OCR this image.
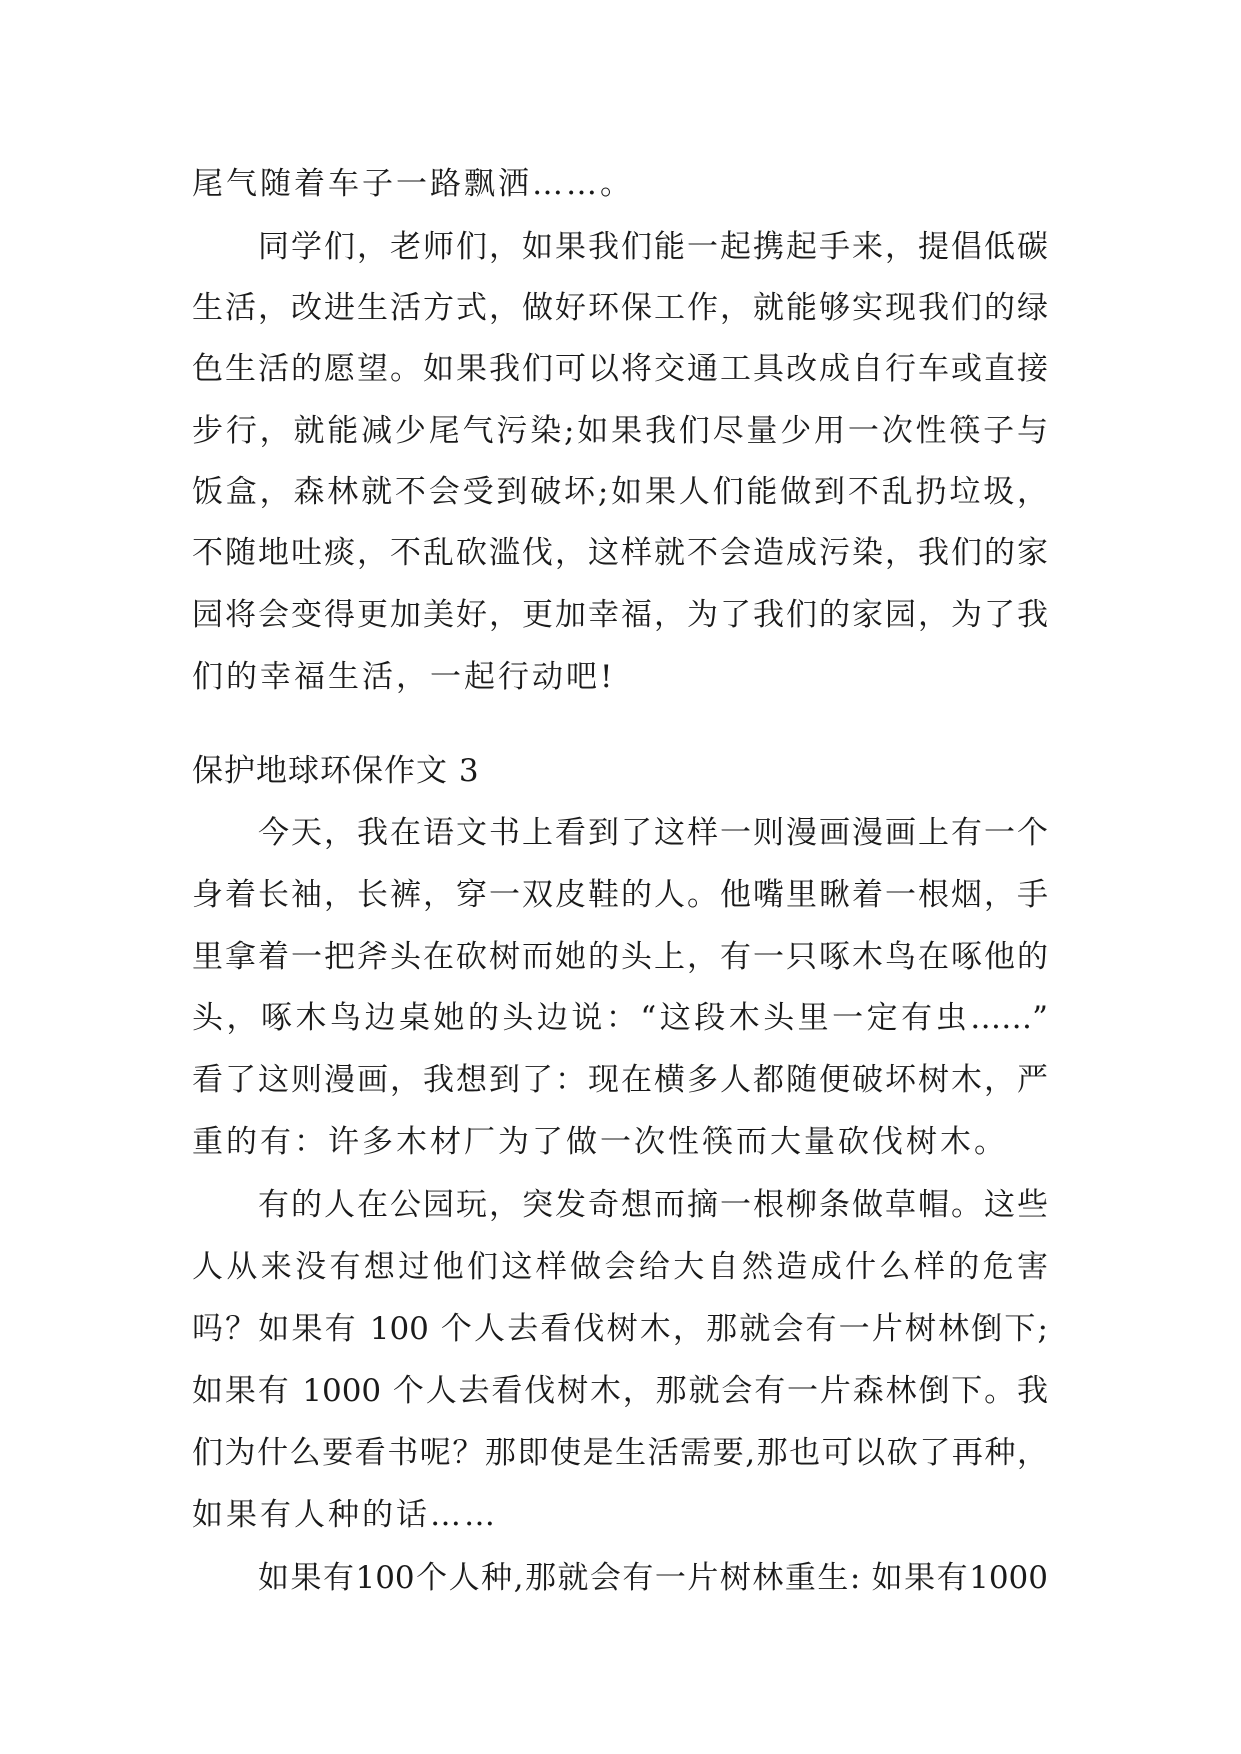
尾气随着车子一路飘洒……。
同学们，老师们，如果我们能一起携起手来，提倡低碳
生活，改进生活方式，做好环保工作，就能够实现我们的绿
色生活的愿望。如果我们可以将交通工具改成自行车或直接
步行，就能减少尾气污染;如果我们尽量少用一次性筷子与
饭盒，森林就不会受到破坏;如果人们能做到不乱扔垃圾，
不随地吐痰，不乱砍滥伐，这样就不会造成污染，我们的家
园将会变得更加美好，更加幸福，为了我们的家园，为了我
们的幸福生活，一起行动吧!
保护地球环保作文 3
今天，我在语文书上看到了这样一则漫画漫画上有一个
身着长袖，长裤，穿一双皮鞋的人。他嘴里瞅着一根烟，手
里拿着一把斧头在砍树而她的头上，有一只啄木鸟在啄他的
头，啄木鸟边桌她的头边说：“这段木头里一定有虫……”
看了这则漫画，我想到了：现在横多人都随便破坏树木，严
重的有：许多木材厂为了做一次性筷而大量砍伐树木。
有的人在公园玩，突发奇想而摘一根柳条做草帽。这些
人从来没有想过他们这样做会给大自然造成什么样的危害
吗？如果有 100 个人去看伐树木，那就会有一片树林倒下;
如果有 1000 个人去看伐树木，那就会有一片森林倒下。我
们为什么要看书呢？那即使是生活需要,那也可以砍了再种，
如果有人种的话……
如果有100个人种,那就会有一片树林重生: 如果有1000
